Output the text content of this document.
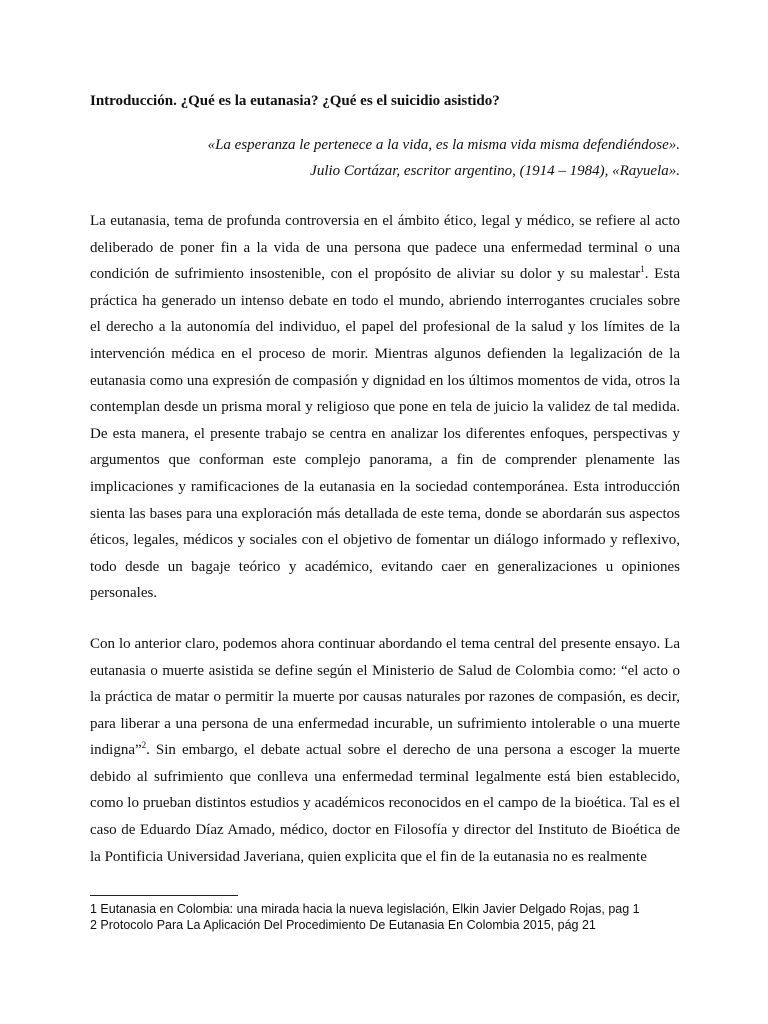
Introducción. ¿Qué es la eutanasia? ¿Qué es el suicidio asistido?
«La esperanza le pertenece a la vida, es la misma vida misma defendiéndose».
Julio Cortázar, escritor argentino, (1914 – 1984), «Rayuela».

La eutanasia, tema de profunda controversia en el ámbito ético, legal y médico, se refiere al acto deliberado de poner fin a la vida de una persona que padece una enfermedad terminal o una condición de sufrimiento insostenible, con el propósito de aliviar su dolor y su malestar$^1$. Esta práctica ha generado un intenso debate en todo el mundo, abriendo interrogantes cruciales sobre el derecho a la autonomía del individuo, el papel del profesional de la salud y los límites de la intervención médica en el proceso de morir. Mientras algunos defienden la legalización de la eutanasia como una expresión de compasión y dignidad en los últimos momentos de vida, otros la contemplan desde un prisma moral y religioso que pone en tela de juicio la validez de tal medida. De esta manera, el presente trabajo se centra en analizar los diferentes enfoques, perspectivas y argumentos que conforman este complejo panorama, a fin de comprender plenamente las implicaciones y ramificaciones de la eutanasia en la sociedad contemporánea. Esta introducción sienta las bases para una exploración más detallada de este tema, donde se abordarán sus aspectos éticos, legales, médicos y sociales con el objetivo de fomentar un diálogo informado y reflexivo, todo desde un bagaje teórico y académico, evitando caer en generalizaciones u opiniones personales.

Con lo anterior claro, podemos ahora continuar abordando el tema central del presente ensayo. La eutanasia o muerte asistida se define según el Ministerio de Salud de Colombia como: “el acto o la práctica de matar o permitir la muerte por causas naturales por razones de compasión, es decir, para liberar a una persona de una enfermedad incurable, un sufrimiento intolerable o una muerte indigna”$^2$. Sin embargo, el debate actual sobre el derecho de una persona a escoger la muerte debido al sufrimiento que conlleva una enfermedad terminal legalmente está bien establecido, como lo prueban distintos estudios y académicos reconocidos en el campo de la bioética. Tal es el caso de Eduardo Díaz Amado, médico, doctor en Filosofía y director del Instituto de Bioética de la Pontificia Universidad Javeriana, quien explicita que el fin de la eutanasia no es realmente

1 Eutanasia en Colombia: una mirada hacia la nueva legislación, Elkin Javier Delgado Rojas, pag 1

2 Protocolo Para La Aplicación Del Procedimiento De Eutanasia En Colombia 2015, pág 21
